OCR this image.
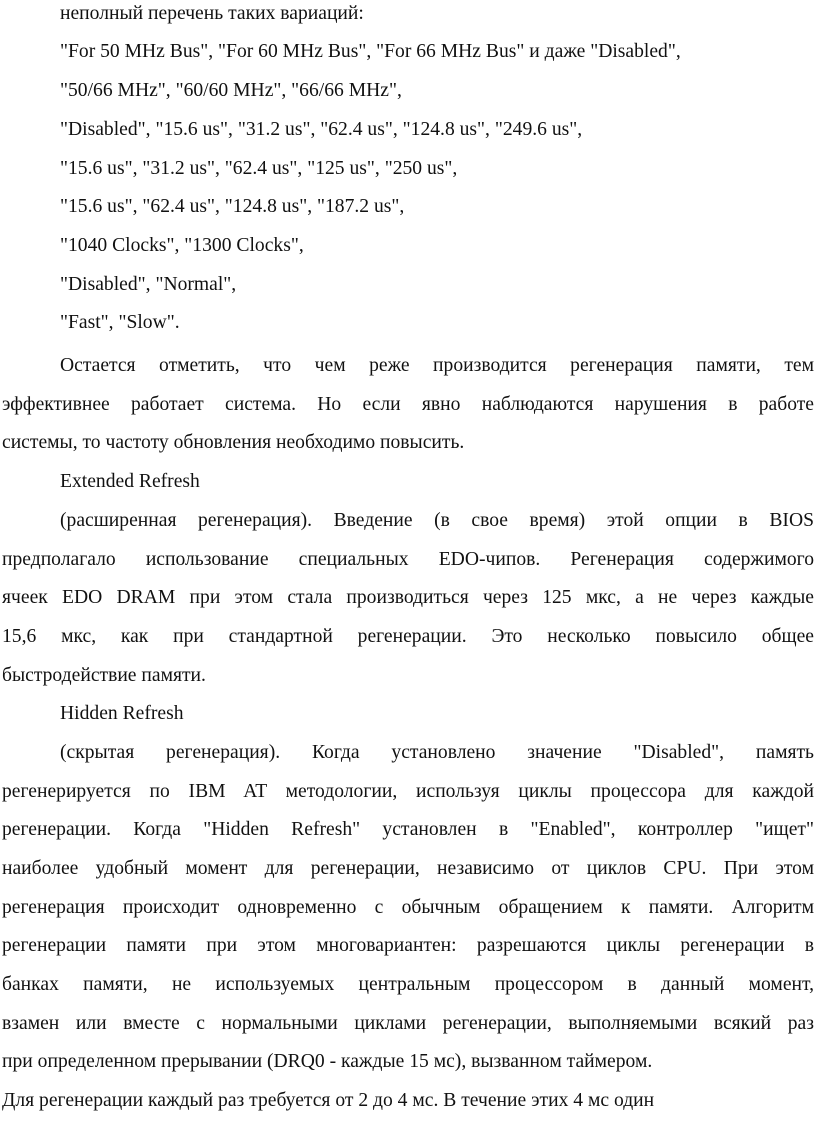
неполный перечень таких вариаций:
"For 50 MHz Bus", "For 60 MHz Bus", "For 66 MHz Bus" и даже "Disabled",
"50/66 MHz", "60/60 MHz", "66/66 MHz",
"Disabled", "15.6 us", "31.2 us", "62.4 us", "124.8 us", "249.6 us",
"15.6 us", "31.2 us", "62.4 us", "125 us", "250 us",
"15.6 us", "62.4 us", "124.8 us", "187.2 us",
"1040 Clocks", "1300 Clocks",
"Disabled", "Normal",
"Fast", "Slow".
Остается отметить, что чем реже производится регенерация памяти, тем
эффективнее работает система. Но если явно наблюдаются нарушения в работе
системы, то частоту обновления необходимо повысить.
Extended Refresh
(расширенная регенерация). Введение (в свое время) этой опции в BIOS
предполагало использование специальных EDO-чипов. Регенерация содержимого
ячеек EDO DRAM при этом стала производиться через 125 мкс, а не через каждые
15,6 мкс, как при стандартной регенерации. Это несколько повысило общее
быстродействие памяти.
Hidden Refresh
(скрытая регенерация). Когда установлено значение "Disabled", память
регенерируется по IBM AT методологии, используя циклы процессора для каждой
регенерации. Когда "Hidden Refresh" установлен в "Enabled", контроллер "ищет"
наиболее удобный момент для регенерации, независимо от циклов CPU. При этом
регенерация происходит одновременно с обычным обращением к памяти. Алгоритм
регенерации памяти при этом многовариантен: разрешаются циклы регенерации в
банках памяти, не используемых центральным процессором в данный момент,
взамен или вместе с нормальными циклами регенерации, выполняемыми всякий раз
при определенном прерывании (DRQ0 - каждые 15 мс), вызванном таймером.
Для регенерации каждый раз требуется от 2 до 4 мс. В течение этих 4 мс один
